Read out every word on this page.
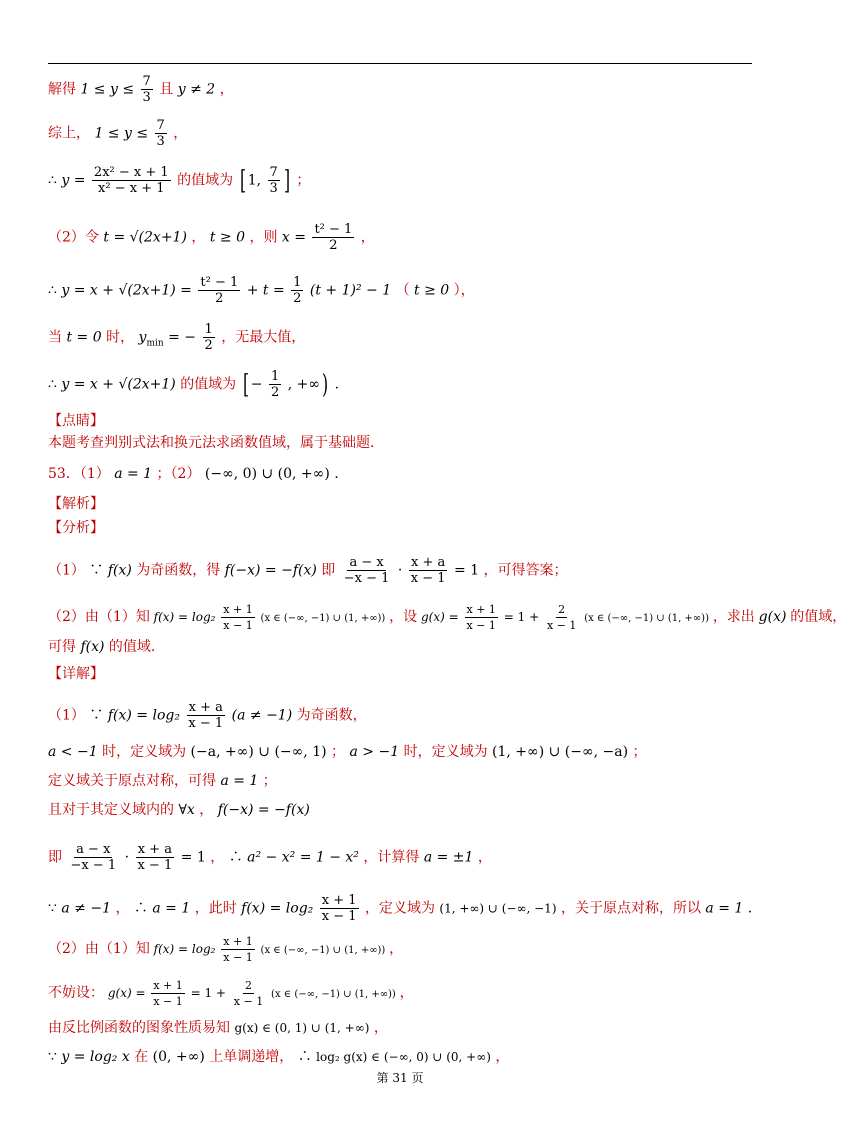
解得 $1 \le y \le \frac{7}{3}$ 且 y ≠ 2 ，
综上， $1 \le y \le \frac{7}{3}$ ，
∴ $y = \frac{\text{2x² − x + 1}}{\text{x² − x + 1}}$ 的值域为 [ 1, $\frac{7}{3}$ ] ；
（2）令 t = √(2x+1) ， t ≥ 0 ，则 $x = \frac{\text{t² − 1}}{2}$ ，
∴ $y = x + √(2x+1) = \frac{\text{t² − 1}}{2} + t = \frac{1}{2} (t + 1)^2 - 1$ （ t ≥ 0 ），
当 t = 0 时， $y_{min}$ = − $\frac{1}{2}$ ，无最大值，
∴ y = x + √(2x+1) 的值域为 [ − $\frac{1}{2}$ , +∞) .
【点睛】
本题考查判别式法和换元法求函数值域，属于基础题.
53．（1） a = 1 ；（2） (−∞, 0) ∪ (0, +∞) .
【解析】
【分析】
（1） ∵ f(x) 为奇函数，得 f(−x) = −f(x) 即 $\frac{a - x}{-x - 1} \cdot \frac{x + a}{x - 1} = 1$ ，可得答案；
（2）由（1）知 $f(x) = \log_2 \frac{x + 1}{x - 1} (x$ ∈ (−∞, −1) ∪ (1, +∞)) ，设 $g(x) = \frac{x + 1}{x - 1} = 1 + \frac{2}{x - 1} (x$ ∈ (−∞, −1) ∪ (1, +∞)) ，求出 g(x) 的值域，
可得 f(x) 的值域.
【详解】
（1） ∵ $f(x) = \log_2 \frac{x + a}{x - 1} (a \ne -1)$ 为奇函数，
a < −1 时，定义域为 (−a, +∞) ∪ (−∞, 1) ； a > −1 时，定义域为 (1, +∞) ∪ (−∞, −a) ；
定义域关于原点对称，可得 a = 1 ；
且对于其定义域内的 ∀x ， f(−x) = −f(x)
即 $\frac{a - x}{-x - 1} \cdot \frac{x + a}{x - 1} = 1$ ， ∴ a² − x² = 1 − x² ，计算得 a = ±1 ，
∵ a ≠ −1 ， ∴ a = 1 ，此时 $f(x) = \log_2 \frac{x + 1}{x - 1}$ ，定义域为 (1, +∞) ∪ (−∞, −1) ，关于原点对称，所以 a = 1 .
（2）由（1）知 $f(x) = \log_2 \frac{x + 1}{x - 1} (x$ ∈ (−∞, −1) ∪ (1, +∞)) ，
不妨设： $g(x) = \frac{x + 1}{x - 1} = 1 + \frac{2}{x - 1} (x$ ∈ (−∞, −1) ∪ (1, +∞)) ，
由反比例函数的图象性质易知 g(x) ∈ (0, 1) ∪ (1, +∞) ，
∵ y = log₂ x 在 (0, +∞) 上单调递增， ∴ log₂ g(x) ∈ (−∞, 0) ∪ (0, +∞) ，
第 31 页
